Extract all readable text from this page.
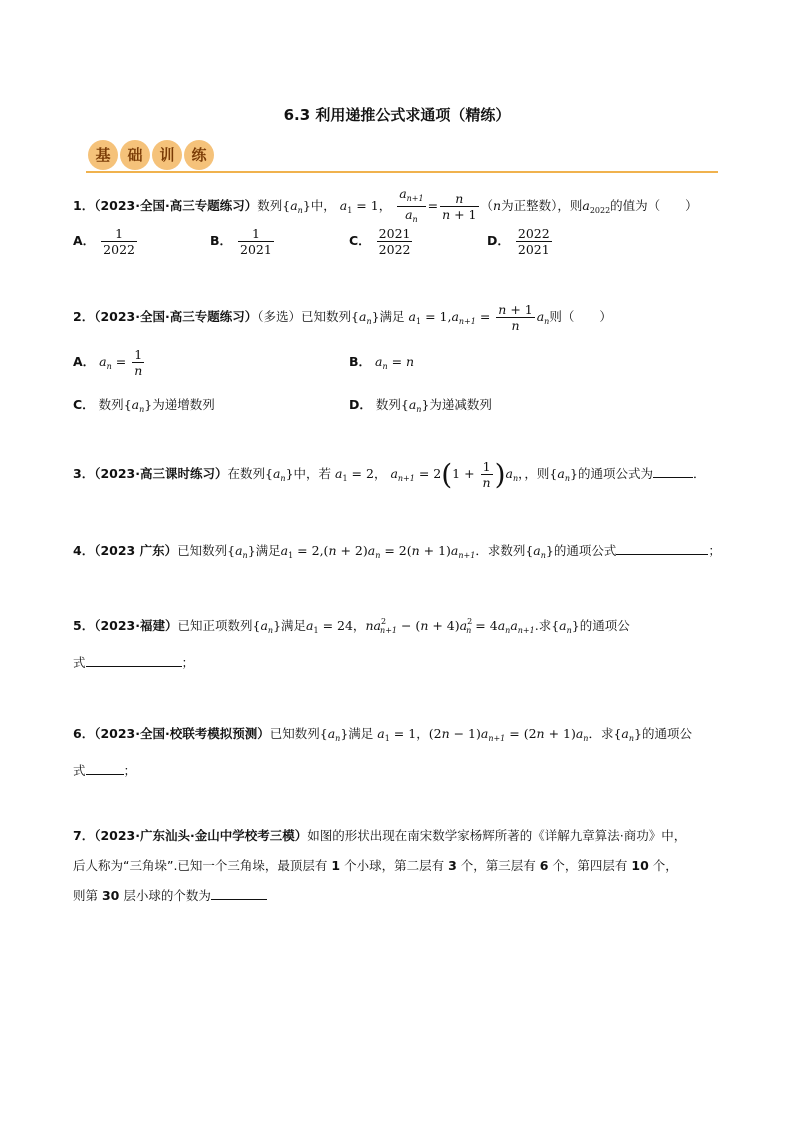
6.3 利用递推公式求通项（精练）
基 础 训 练
1．（2023·全国·高三专题练习）数列$\{a_n\}$中， $a_1 = 1$， $\frac{a_{n+1}}{a_n} = \frac{n}{n + 1} (n$为正整数），则$a_{2022}$的值为（　　）
A． $\frac{1}{2022}$	B． $\frac{1}{2021}$	C． $\frac{2021}{2022}$	D． $\frac{2022}{2021}$
2．（2023·全国·高三专题练习）（多选）已知数列$\{a_n\}$满足 $a_1 = 1,a_{n+1} = \frac{n + 1}{n} a_n$则（　　）
A． $a_n = \frac{1}{n}$	B． $a_n = n$
C． 数列$\{a_n\}$为递增数列	D． 数列$\{a_n\}$为递减数列
3．（2023·高三课时练习）在数列$\{a_n\}$中，若 $a_1 = 2$， $a_{n+1} = 2(1 + \frac{1}{n} )a_n$，，则$\{a_n\}$的通项公式为	．
4．（2023 广东）已知数列$\{a_n\}$满足$a_1 = 2,(n + 2)a_n = 2(n + 1)a_{n+1}$．求数列$\{a_n\}$的通项公式	；
5．（2023·福建）已知正项数列$\{a_n\}$满足$a_1 = 24$，$na^2_{n+1} - (n + 4)a^2_n = 4a_na_{n+1}$.求$\{a_n\}$的通项公
式	；
6．（2023·全国·校联考模拟预测）已知数列$\{a_n\}$满足 $a_1 = 1$，$(2n - 1)a_{n+1} = (2n + 1)a_n$．求$\{a_n\}$的通项公
式	；
7．（2023·广东汕头·金山中学校考三模）如图的形状出现在南宋数学家杨辉所著的《详解九章算法·商功》中，
后人称为“三角垛”.已知一个三角垛，最顶层有 1 个小球，第二层有 3 个，第三层有 6 个，第四层有 10 个，
则第 30 层小球的个数为
